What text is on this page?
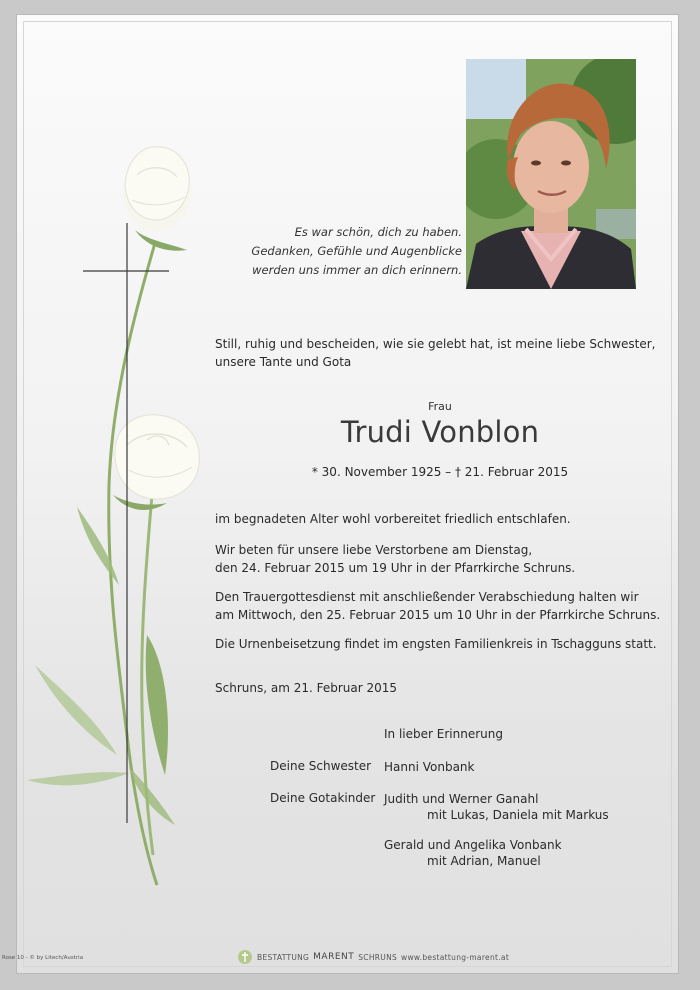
Es war schön, dich zu haben.
Gedanken, Gefühle und Augenblicke
werden uns immer an dich erinnern.
Still, ruhig und bescheiden, wie sie gelebt hat, ist meine liebe Schwester,
unsere Tante und Gota
Frau
Trudi Vonblon
* 30. November 1925 – † 21. Februar 2015
im begnadeten Alter wohl vorbereitet friedlich entschlafen.
Wir beten für unsere liebe Verstorbene am Dienstag,
den 24. Februar 2015 um 19 Uhr in der Pfarrkirche Schruns.
Den Trauergottesdienst mit anschließender Verabschiedung halten wir
am Mittwoch, den 25. Februar 2015 um 10 Uhr in der Pfarrkirche Schruns.
Die Urnenbeisetzung findet im engsten Familienkreis in Tschagguns statt.
Schruns, am 21. Februar 2015
In lieber Erinnerung
Deine Schwester Hanni Vonbank
Deine Gotakinder Judith und Werner Ganahl
mit Lukas, Daniela mit Markus
Gerald und Angelika Vonbank
mit Adrian, Manuel
BESTATTUNG MARENT SCHRUNS www.bestattung-marent.at
Rose 10 - © by Litech/Austria
